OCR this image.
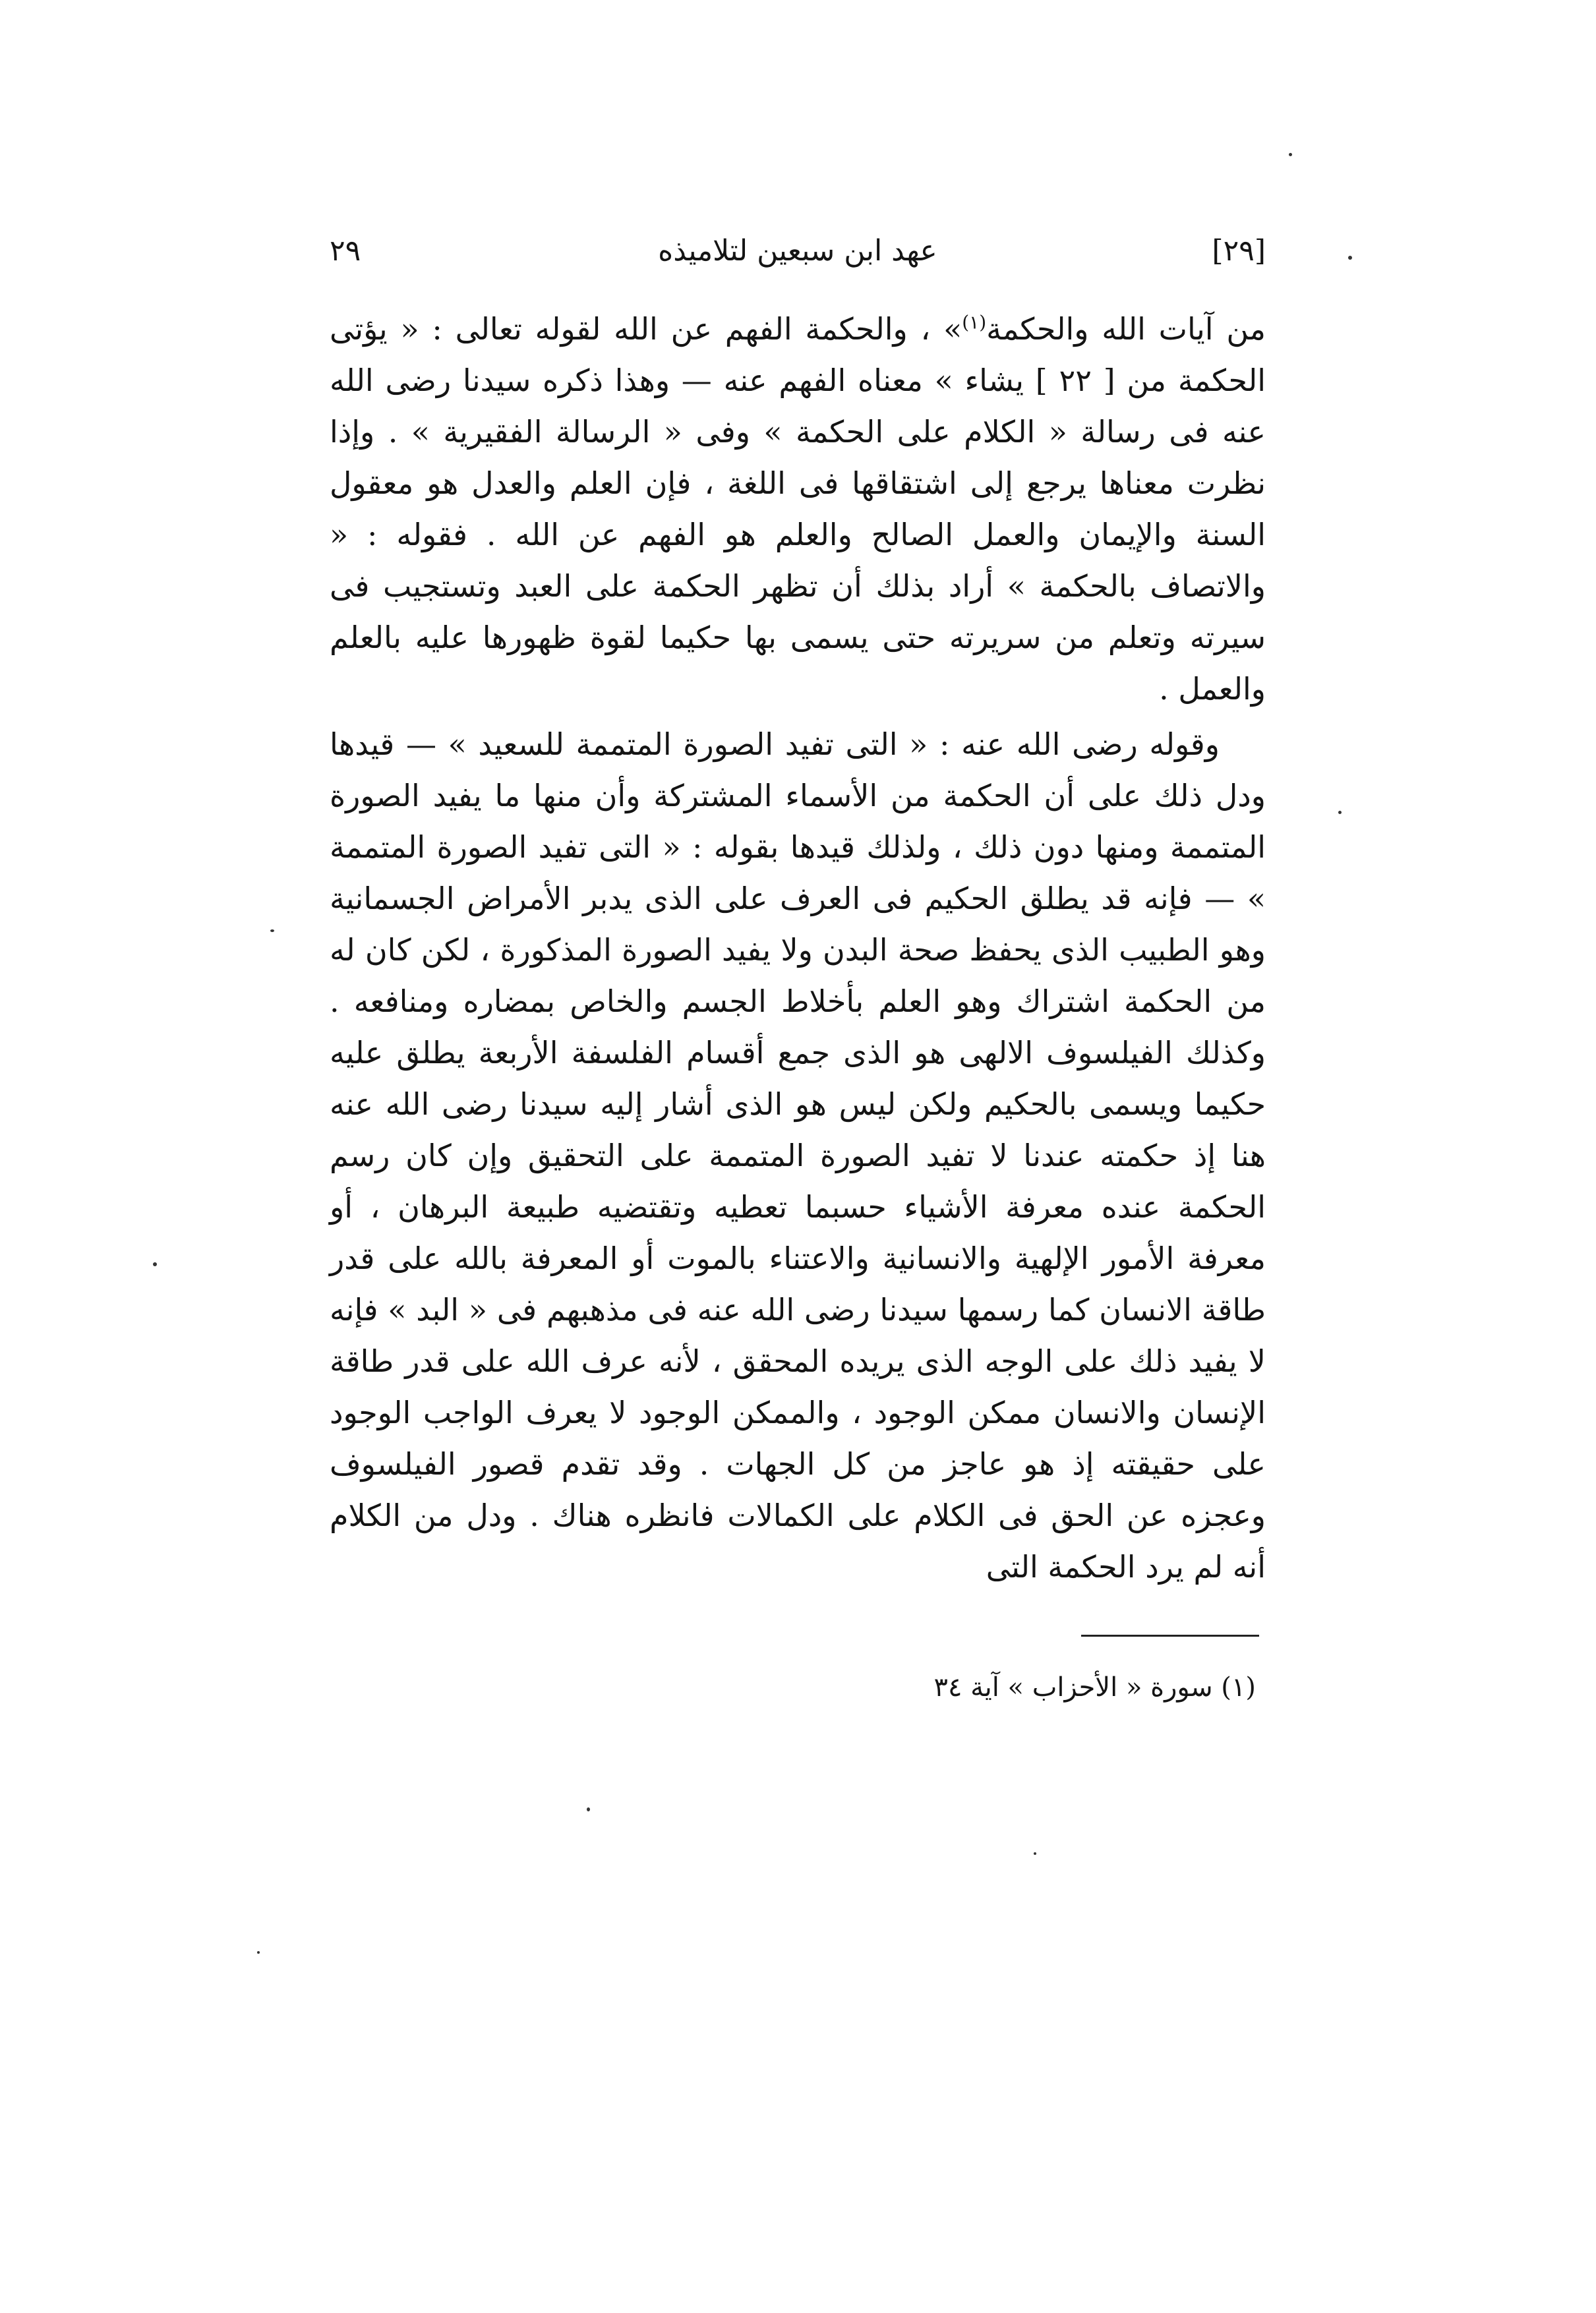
٢٩	عهد ابن سبعين لتلاميذه	[٢٩]

من آيات الله والحكمة$^{(١)}$» ، والحكمة الفهم عن الله لقوله تعالى : « يؤتى الحكمة من [ ٢٢ ] يشاء » معناه الفهم عنه — وهذا ذكره سيدنا رضى الله عنه فى رسالة « الكلام على الحكمة » وفى « الرسالة الفقيرية » . وإذا نظرت معناها يرجع إلى اشتقاقها فى اللغة ، فإن العلم والعدل هو معقول السنة والإيمان والعمل الصالح والعلم هو الفهم عن الله . فقوله : « والاتصاف بالحكمة » أراد بذلك أن تظهر الحكمة على العبد وتستجيب فى سيرته وتعلم من سريرته حتى يسمى بها حكيما لقوة ظهورها عليه بالعلم والعمل .

وقوله رضى الله عنه : « التى تفيد الصورة المتممة للسعيد » — قيدها ودل ذلك على أن الحكمة من الأسماء المشتركة وأن منها ما يفيد الصورة المتممة ومنها دون ذلك ، ولذلك قيدها بقوله : « التى تفيد الصورة المتممة » — فإنه قد يطلق الحكيم فى العرف على الذى يدبر الأمراض الجسمانية وهو الطبيب الذى يحفظ صحة البدن ولا يفيد الصورة المذكورة ، لكن كان له من الحكمة اشتراك وهو العلم بأخلاط الجسم والخاص بمضاره ومنافعه . وكذلك الفيلسوف الالهى هو الذى جمع أقسام الفلسفة الأربعة يطلق عليه حكيما ويسمى بالحكيم ولكن ليس هو الذى أشار إليه سيدنا رضى الله عنه هنا إذ حكمته عندنا لا تفيد الصورة المتممة على التحقيق وإن كان رسم الحكمة عنده معرفة الأشياء حسبما تعطيه وتقتضيه طبيعة البرهان ، أو معرفة الأمور الإلهية والانسانية والاعتناء بالموت أو المعرفة بالله على قدر طاقة الانسان كما رسمها سيدنا رضى الله عنه فى مذهبهم فى « البد » فإنه لا يفيد ذلك على الوجه الذى يريده المحقق ، لأنه عرف الله على قدر طاقة الإنسان والانسان ممكن الوجود ، والممكن الوجود لا يعرف الواجب الوجود على حقيقته إذ هو عاجز من كل الجهات . وقد تقدم قصور الفيلسوف وعجزه عن الحق فى الكلام على الكمالات فانظره هناك . ودل من الكلام أنه لم يرد الحكمة التى

(١) سورة « الأحزاب » آية ٣٤
